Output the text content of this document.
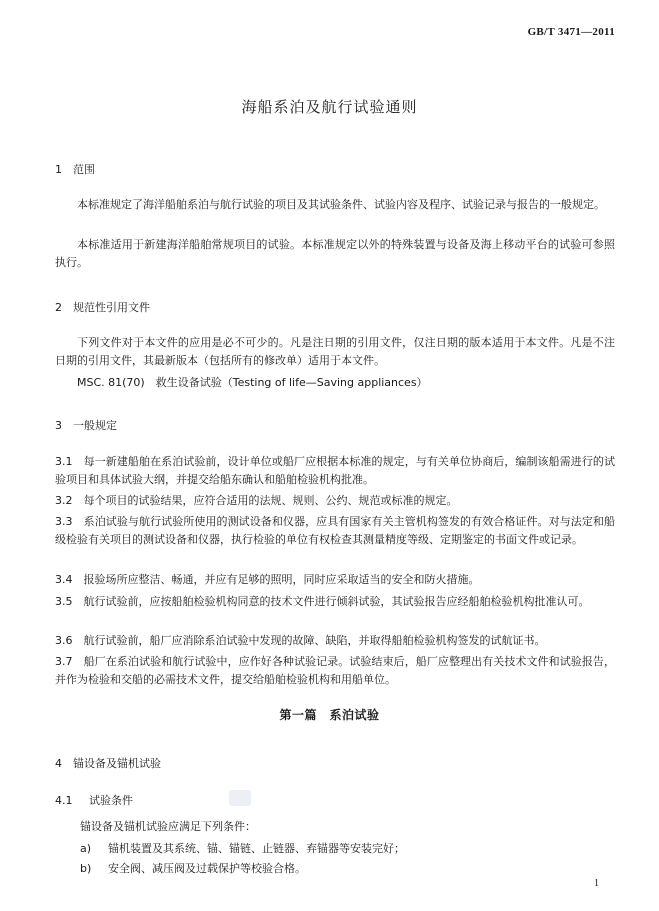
GB/T 3471—2011
海船系泊及航行试验通则
1 范围
本标准规定了海洋船舶系泊与航行试验的项目及其试验条件、试验内容及程序、试验记录与报告的一般规定。
本标准适用于新建海洋船舶常规项目的试验。本标准规定以外的特殊装置与设备及海上移动平台的试验可参照执行。
2 规范性引用文件
下列文件对于本文件的应用是必不可少的。凡是注日期的引用文件，仅注日期的版本适用于本文件。凡是不注日期的引用文件，其最新版本（包括所有的修改单）适用于本文件。
MSC. 81(70)　救生设备试验（Testing of life—Saving appliances）
3 一般规定
3.1　每一新建船舶在系泊试验前，设计单位或船厂应根据本标准的规定，与有关单位协商后，编制该船需进行的试验项目和具体试验大纲，并提交给船东确认和船舶检验机构批准。
3.2　每个项目的试验结果，应符合适用的法规、规则、公约、规范或标准的规定。
3.3　系泊试验与航行试验所使用的测试设备和仪器，应具有国家有关主管机构签发的有效合格证件。对与法定和船级检验有关项目的测试设备和仪器，执行检验的单位有权检查其测量精度等级、定期鉴定的书面文件或记录。
3.4　报验场所应整洁、畅通，并应有足够的照明，同时应采取适当的安全和防火措施。
3.5　航行试验前，应按船舶检验机构同意的技术文件进行倾斜试验，其试验报告应经船舶检验机构批准认可。
3.6　航行试验前，船厂应消除系泊试验中发现的故障、缺陷，并取得船舶检验机构签发的试航证书。
3.7　船厂在系泊试验和航行试验中，应作好各种试验记录。试验结束后，船厂应整理出有关技术文件和试验报告，并作为检验和交船的必需技术文件，提交给船舶检验机构和用船单位。
第一篇　系泊试验
4 锚设备及锚机试验
4.1 试验条件
锚设备及锚机试验应满足下列条件：
a) 锚机装置及其系统、锚、锚链、止链器、弃锚器等安装完好；
b) 安全阀、减压阀及过载保护等校验合格。
1
